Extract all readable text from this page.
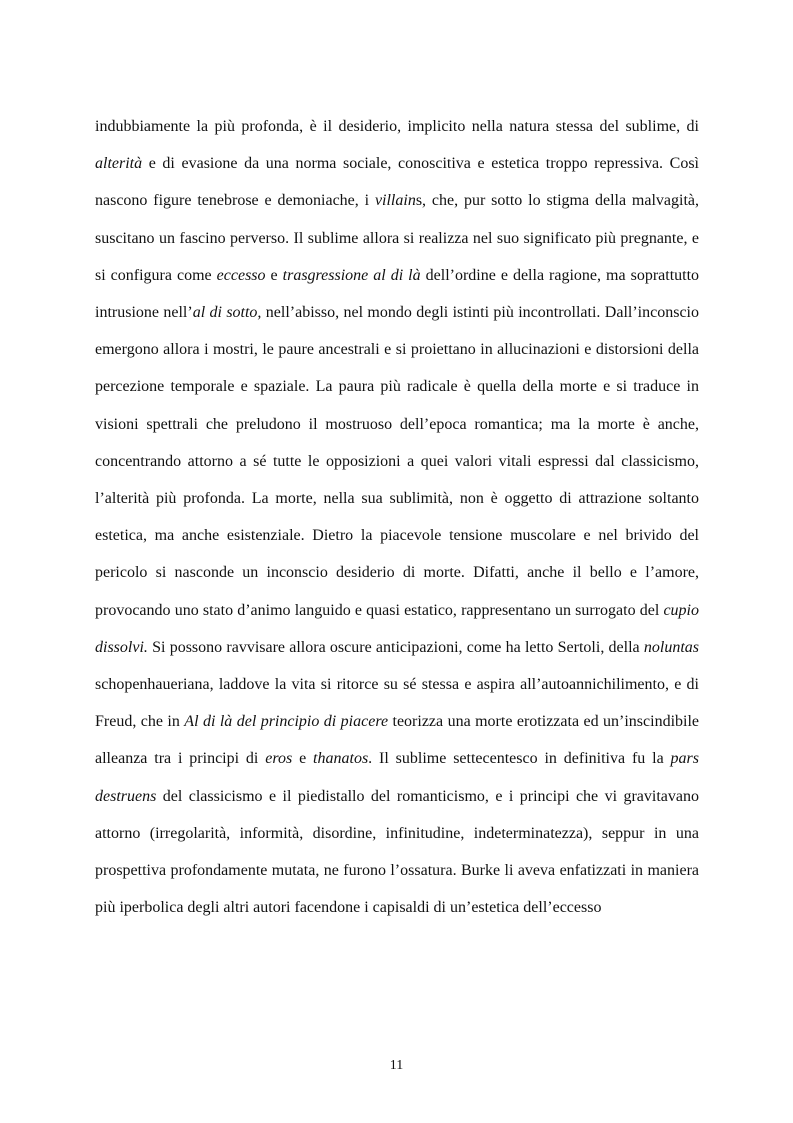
indubbiamente la più profonda, è il desiderio, implicito nella natura stessa del sublime, di alterità e di evasione da una norma sociale, conoscitiva e estetica troppo repressiva. Così nascono figure tenebrose e demoniache, i villains, che, pur sotto lo stigma della malvagità, suscitano un fascino perverso. Il sublime allora si realizza nel suo significato più pregnante, e si configura come eccesso e trasgressione al di là dell’ordine e della ragione, ma soprattutto intrusione nell’al di sotto, nell’abisso, nel mondo degli istinti più incontrollati. Dall’inconscio emergono allora i mostri, le paure ancestrali e si proiettano in allucinazioni e distorsioni della percezione temporale e spaziale. La paura più radicale è quella della morte e si traduce in visioni spettrali che preludono il mostruoso dell’epoca romantica; ma la morte è anche, concentrando attorno a sé tutte le opposizioni a quei valori vitali espressi dal classicismo, l’alterità più profonda. La morte, nella sua sublimità, non è oggetto di attrazione soltanto estetica, ma anche esistenziale. Dietro la piacevole tensione muscolare e nel brivido del pericolo si nasconde un inconscio desiderio di morte. Difatti, anche il bello e l’amore, provocando uno stato d’animo languido e quasi estatico, rappresentano un surrogato del cupio dissolvi. Si possono ravvisare allora oscure anticipazioni, come ha letto Sertoli, della noluntas schopenhaueriana, laddove la vita si ritorce su sé stessa e aspira all’autoannichilimento, e di Freud, che in Al di là del principio di piacere teorizza una morte erotizzata ed un’inscindibile alleanza tra i principi di eros e thanatos. Il sublime settecentesco in definitiva fu la pars destruens del classicismo e il piedistallo del romanticismo, e i principi che vi gravitavano attorno (irregolarità, informità, disordine, infinitudine, indeterminatezza), seppur in una prospettiva profondamente mutata, ne furono l’ossatura. Burke li aveva enfatizzati in maniera più iperbolica degli altri autori facendone i capisaldi di un’estetica dell’eccesso

11
